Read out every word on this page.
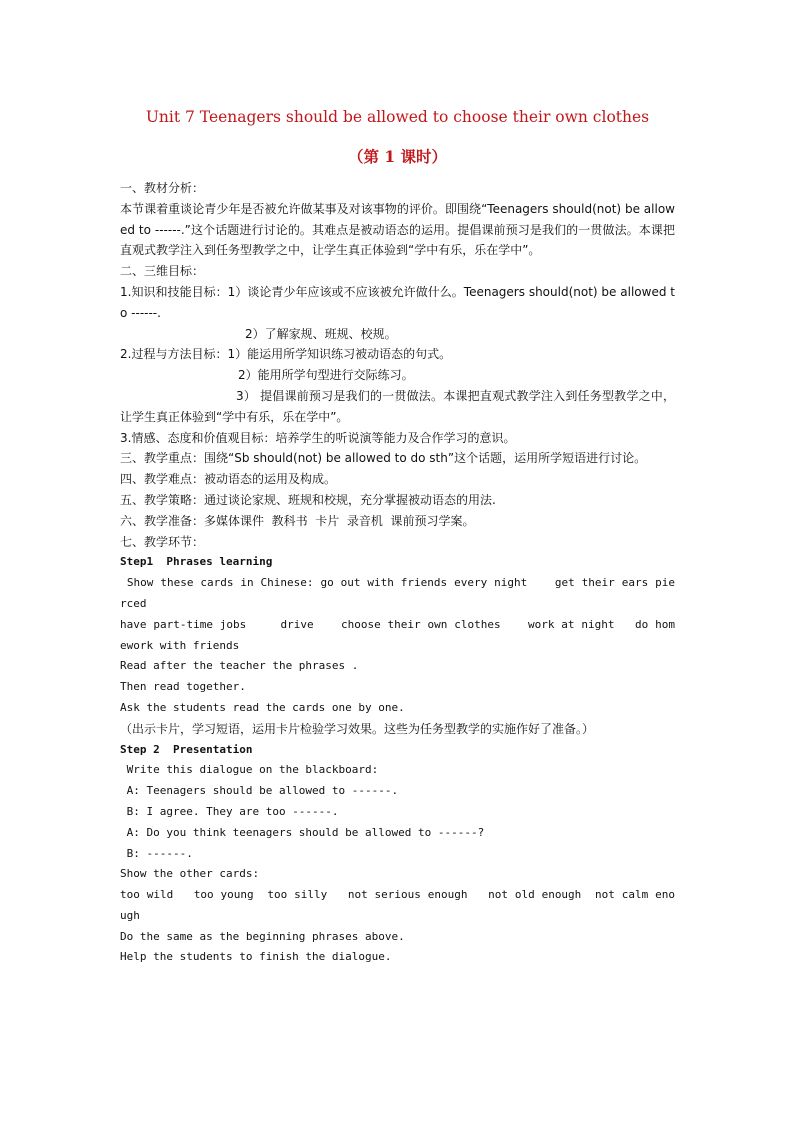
Unit 7 Teenagers should be allowed to choose their own clothes
（第 1 课时）
一、教材分析：
本节课着重谈论青少年是否被允许做某事及对该事物的评价。即围绕“Teenagers should(not) be allowed to ------.”这个话题进行讨论的。其难点是被动语态的运用。提倡课前预习是我们的一贯做法。本课把直观式教学注入到任务型教学之中，让学生真正体验到“学中有乐，乐在学中”。
二、三维目标：
1.知识和技能目标：1）谈论青少年应该或不应该被允许做什么。Teenagers should(not) be allowed to ------.
2）了解家规、班规、校规。
2.过程与方法目标：1）能运用所学知识练习被动语态的句式。
2）能用所学句型进行交际练习。
3） 提倡课前预习是我们的一贯做法。本课把直观式教学注入到任务型教学之中，让学生真正体验到“学中有乐，乐在学中”。
3.情感、态度和价值观目标：培养学生的听说演等能力及合作学习的意识。
三、教学重点：围绕“Sb should(not) be allowed to do sth”这个话题，运用所学短语进行讨论。
四、教学难点：被动语态的运用及构成。
五、教学策略：通过谈论家规、班规和校规，充分掌握被动语态的用法.
六、教学准备：多媒体课件  教科书  卡片  录音机  课前预习学案。
七、教学环节：
Step1  Phrases learning
Show these cards in Chinese: go out with friends every night    get their ears pierced
have part-time jobs     drive    choose their own clothes    work at night   do homework with friends
Read after the teacher the phrases .
Then read together.
Ask the students read the cards one by one.
（出示卡片，学习短语，运用卡片检验学习效果。这些为任务型教学的实施作好了准备。）
Step 2  Presentation
Write this dialogue on the blackboard:
A: Teenagers should be allowed to ------.
B: I agree. They are too ------.
A: Do you think teenagers should be allowed to ------?
B: ------.
Show the other cards:
too wild   too young  too silly   not serious enough   not old enough  not calm enough
Do the same as the beginning phrases above.
Help the students to finish the dialogue.
